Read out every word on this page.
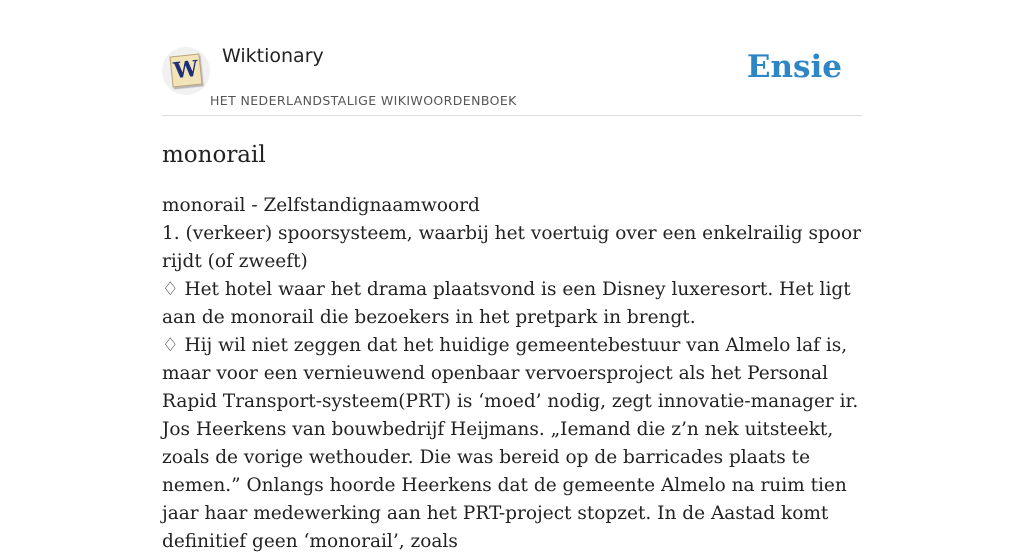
W Wiktionary
HET NEDERLANDSTALIGE WIKIWOORDENBOEK
Ensie
monorail

monorail - Zelfstandignaamwoord

1. (verkeer) spoorsysteem, waarbij het voertuig over een enkelrailig spoor rijdt (of zweeft)

♢ Het hotel waar het drama plaatsvond is een Disney luxeresort. Het ligt aan de monorail die bezoekers in het pretpark in brengt.

♢ Hij wil niet zeggen dat het huidige gemeentebestuur van Almelo laf is, maar voor een vernieuwend openbaar vervoersproject als het Personal Rapid Transport-systeem(PRT) is ‘moed’ nodig, zegt innovatie-manager ir. Jos Heerkens van bouwbedrijf Heijmans. „Iemand die z’n nek uitsteekt, zoals de vorige wethouder. Die was bereid op de barricades plaats te nemen.” Onlangs hoorde Heerkens dat de gemeente Almelo na ruim tien jaar haar medewerking aan het PRT-project stopzet. In de Aastad komt definitief geen ‘monorail’, zoals
